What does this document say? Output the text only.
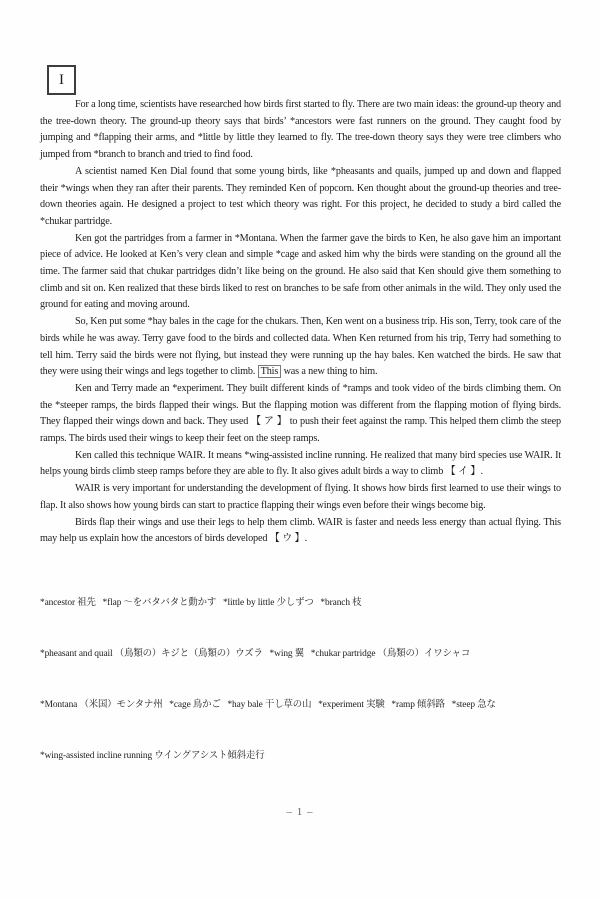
I

For a long time, scientists have researched how birds first started to fly. There are two main ideas: the ground-up theory and the tree-down theory. The ground-up theory says that birds’ *ancestors were fast runners on the ground. They caught food by jumping and *flapping their arms, and *little by little they learned to fly. The tree-down theory says they were tree climbers who jumped from *branch to branch and tried to find food.

A scientist named Ken Dial found that some young birds, like *pheasants and quails, jumped up and down and flapped their *wings when they ran after their parents. They reminded Ken of popcorn. Ken thought about the ground-up theories and tree-down theories again. He designed a project to test which theory was right. For this project, he decided to study a bird called the *chukar partridge.

Ken got the partridges from a farmer in *Montana. When the farmer gave the birds to Ken, he also gave him an important piece of advice. He looked at Ken’s very clean and simple *cage and asked him why the birds were standing on the ground all the time. The farmer said that chukar partridges didn’t like being on the ground. He also said that Ken should give them something to climb and sit on. Ken realized that these birds liked to rest on branches to be safe from other animals in the wild. They only used the ground for eating and moving around.

So, Ken put some *hay bales in the cage for the chukars. Then, Ken went on a business trip. His son, Terry, took care of the birds while he was away. Terry gave food to the birds and collected data. When Ken returned from his trip, Terry had something to tell him. Terry said the birds were not flying, but instead they were running up the hay bales. Ken watched the birds. He saw that they were using their wings and legs together to climb. This was a new thing to him.

Ken and Terry made an *experiment. They built different kinds of *ramps and took video of the birds climbing them. On the *steeper ramps, the birds flapped their wings. But the flapping motion was different from the flapping motion of flying birds. They flapped their wings down and back. They used 【 ア 】 to push their feet against the ramp. This helped them climb the steep ramps. The birds used their wings to keep their feet on the steep ramps.

Ken called this technique WAIR. It means *wing-assisted incline running. He realized that many bird species use WAIR. It helps young birds climb steep ramps before they are able to fly. It also gives adult birds a way to climb 【 イ 】.

WAIR is very important for understanding the development of flying. It shows how birds first learned to use their wings to flap. It also shows how young birds can start to practice flapping their wings even before their wings become big.

Birds flap their wings and use their legs to help them climb. WAIR is faster and needs less energy than actual flying. This may help us explain how the ancestors of birds developed 【 ウ 】.

*ancestor 祖先   *flap ～をバタバタと動かす   *little by little 少しずつ   *branch 枝

*pheasant and quail （鳥類の）キジと（鳥類の）ウズラ   *wing 翼   *chukar partridge （鳥類の）イワシャコ

*Montana （米国）モンタナ州   *cage 鳥かご   *hay bale 干し草の山   *experiment 実験   *ramp 傾斜路   *steep 急な

*wing-assisted incline running ウイングアシスト傾斜走行

– 1 –
